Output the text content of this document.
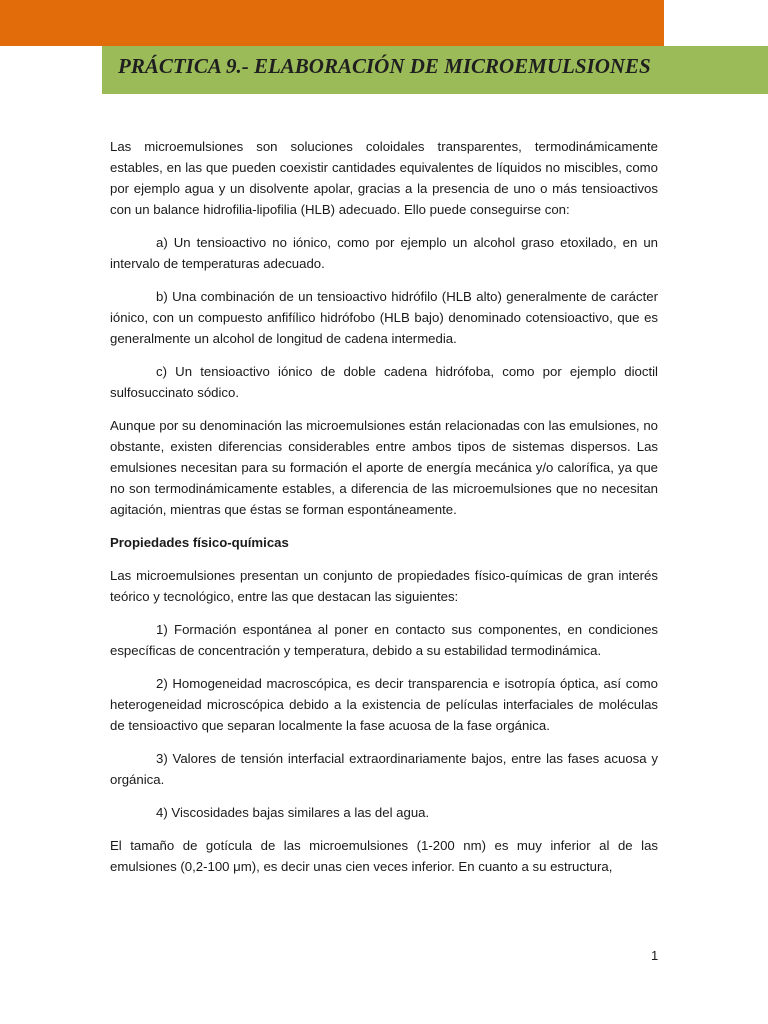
PRÁCTICA 9.- ELABORACIÓN DE MICROEMULSIONES

Las microemulsiones son soluciones coloidales transparentes, termodinámicamente estables, en las que pueden coexistir cantidades equivalentes de líquidos no miscibles, como por ejemplo agua y un disolvente apolar, gracias a la presencia de uno o más tensioactivos con un balance hidrofilia-lipofilia (HLB) adecuado. Ello puede conseguirse con:

a) Un tensioactivo no iónico, como por ejemplo un alcohol graso etoxilado, en un intervalo de temperaturas adecuado.

b) Una combinación de un tensioactivo hidrófilo (HLB alto) generalmente de carácter iónico, con un compuesto anfifílico hidrófobo (HLB bajo) denominado cotensioactivo, que es generalmente un alcohol de longitud de cadena intermedia.

c) Un tensioactivo iónico de doble cadena hidrófoba, como por ejemplo dioctil sulfosuccinato sódico.

Aunque por su denominación las microemulsiones están relacionadas con las emulsiones, no obstante, existen diferencias considerables entre ambos tipos de sistemas dispersos. Las emulsiones necesitan para su formación el aporte de energía mecánica y/o calorífica, ya que no son termodinámicamente estables, a diferencia de las microemulsiones que no necesitan agitación, mientras que éstas se forman espontáneamente.

Propiedades físico-químicas

Las microemulsiones presentan un conjunto de propiedades físico-químicas de gran interés teórico y tecnológico, entre las que destacan las siguientes:

1) Formación espontánea al poner en contacto sus componentes, en condiciones específicas de concentración y temperatura, debido a su estabilidad termodinámica.

2) Homogeneidad macroscópica, es decir transparencia e isotropía óptica, así como heterogeneidad microscópica debido a la existencia de películas interfaciales de moléculas de tensioactivo que separan localmente la fase acuosa de la fase orgánica.

3) Valores de tensión interfacial extraordinariamente bajos, entre las fases acuosa y orgánica.

4) Viscosidades bajas similares a las del agua.

El tamaño de gotícula de las microemulsiones (1-200 nm) es muy inferior al de las emulsiones (0,2-100 μm), es decir unas cien veces inferior. En cuanto a su estructura,

1
